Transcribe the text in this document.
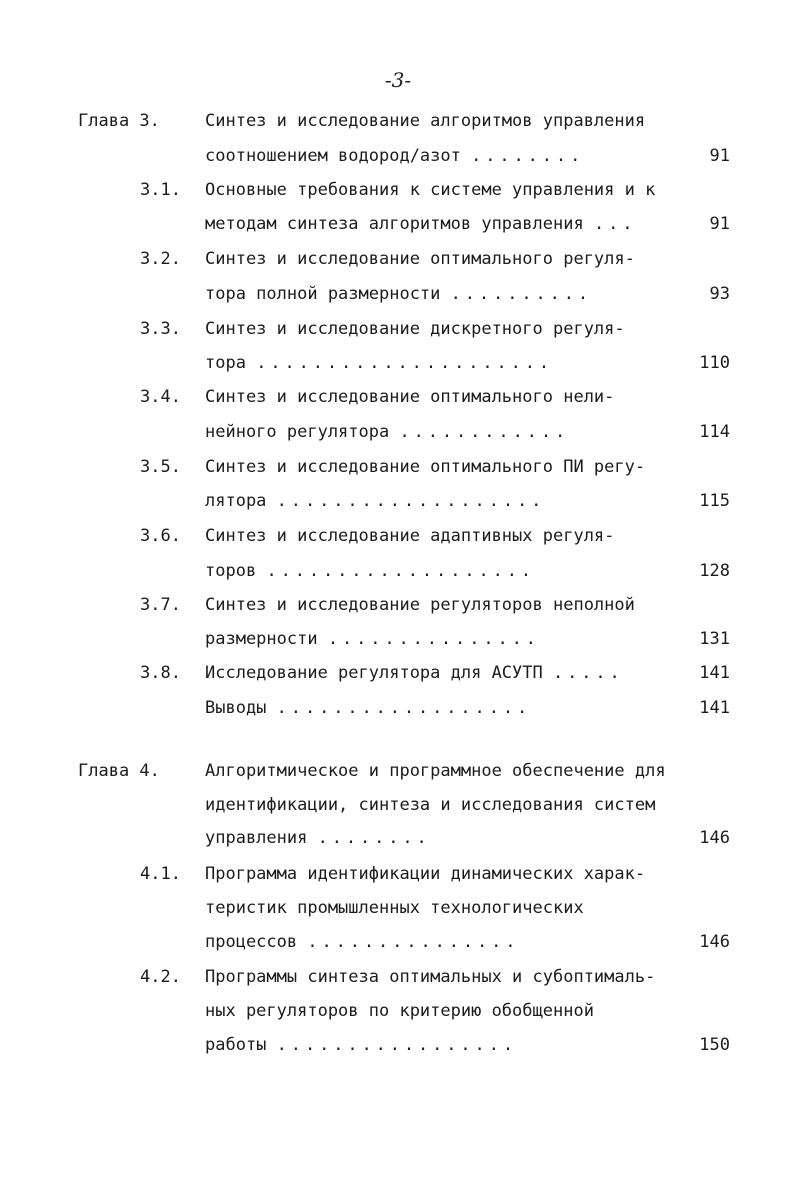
-3-
Глава 3.	Синтез и исследование алгоритмов управления
соотношением водород/азот ........	91
3.1.	Основные требования к системе управления и к
методам синтеза алгоритмов управления ...	91
3.2.	Синтез и исследование оптимального регуля-
тора полной размерности ..........	93
3.3.	Синтез и исследование дискретного регуля-
тора .....................	110
3.4.	Синтез и исследование оптимального нели-
нейного регулятора ............	114
3.5.	Синтез и исследование оптимального ПИ регу-
лятора ...................	115
3.6.	Синтез и исследование адаптивных регуля-
торов ...................	128
3.7.	Синтез и исследование регуляторов неполной
размерности ...............	131
3.8.	Исследование регулятора для АСУТП .....	141
Выводы ..................	141
Глава 4.	Алгоритмическое и программное обеспечение для
идентификации, синтеза и исследования систем
управления ........	146
4.1.	Программа идентификации динамических харак-
теристик промышленных технологических
процессов ...............	146
4.2.	Программы синтеза оптимальных и субоптималь-
ных регуляторов по критерию обобщенной
работы .................	150
